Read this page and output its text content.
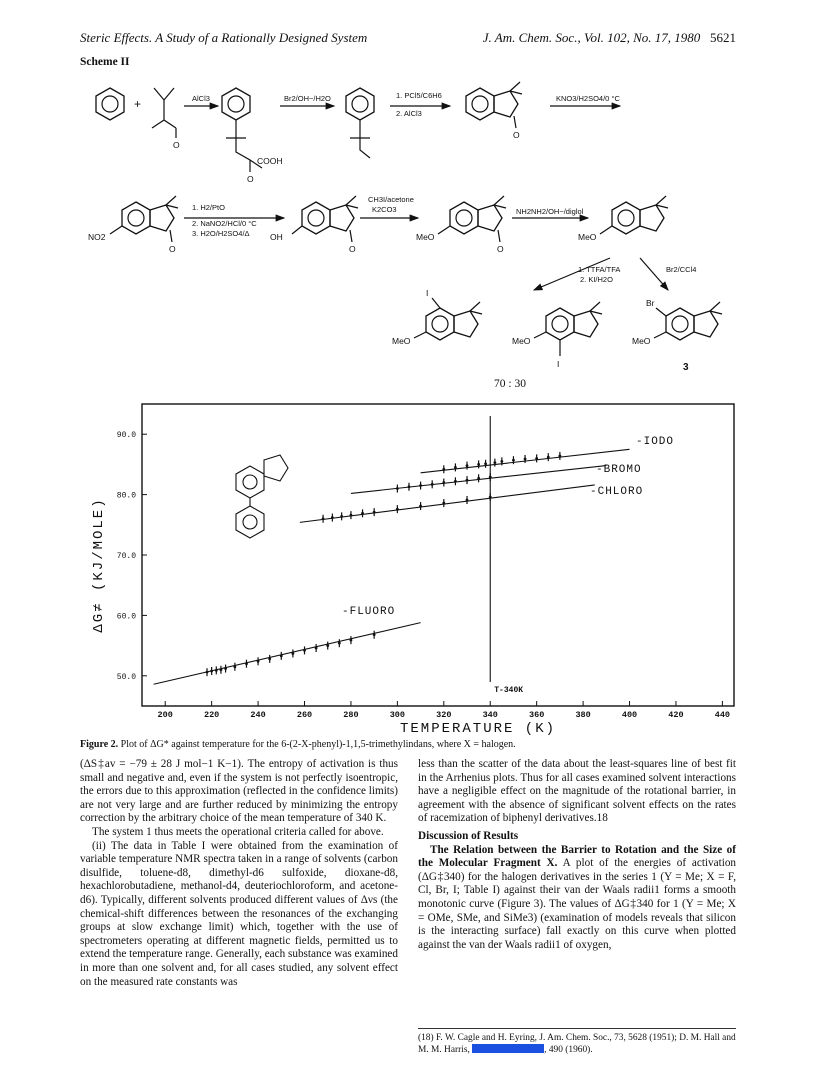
Steric Effects. A Study of a Rationally Designed System	J. Am. Chem. Soc., Vol. 102, No. 17, 1980 5621
Scheme II
+	AlCl3	Br2/OH−/H2O	1. PCl5/C6H6
2. AlCl3
KNO3/H2SO4/0 °C
1. H2/PtO
2. NaNO2/HCl/0 °C
3. H2O/H2SO4/Δ
CH3I/acetone
K2CO3	NH2NH2/OH−/diglol
1. TTFA/TFA
2. KI/H2O
Br2/CCl4
COOH
NO2	OH	MeO	MeO
MeO	MeO	MeO
I
I
Br
O
O
O
O	O	O
3
70 : 30
200	220	240	260	280	300	320	340	360	380	400	420	440
90.0
80.0
70.0
60.0
50.0
T-340K
-IODO
-BROMO
-CHLORO
-FLUORO
TEMPERATURE (K)
ΔG≠ (KJ/MOLE)
Figure 2. Plot of ΔG* against temperature for the 6-(2-X-phenyl)-1,1,5-trimethylindans, where X = halogen.

(ΔS‡av = −79 ± 28 J mol−1 K−1). The entropy of activation is thus small and negative and, even if the system is not perfectly isoentropic, the errors due to this approximation (reflected in the confidence limits) are not very large and are further reduced by minimizing the entropy correction by the arbitrary choice of the mean temperature of 340 K.

The system 1 thus meets the operational criteria called for above.

(ii) The data in Table I were obtained from the examination of variable temperature NMR spectra taken in a range of solvents (carbon disulfide, toluene-d8, dimethyl-d6 sulfoxide, dioxane-d8, hexachlorobutadiene, methanol-d4, deuteriochloroform, and acetone-d6). Typically, different solvents produced different values of Δνs (the chemical-shift differences between the resonances of the exchanging groups at slow exchange limit) which, together with the use of spectrometers operating at different magnetic fields, permitted us to extend the temperature range. Generally, each substance was examined in more than one solvent and, for all cases studied, any solvent effect on the measured rate constants was

less than the scatter of the data about the least-squares line of best fit in the Arrhenius plots. Thus for all cases examined solvent interactions have a negligible effect on the magnitude of the rotational barrier, in agreement with the absence of significant solvent effects on the rates of racemization of biphenyl derivatives.18

Discussion of Results

The Relation between the Barrier to Rotation and the Size of the Molecular Fragment X. A plot of the energies of activation (ΔG‡340) for the halogen derivatives in the series 1 (Y = Me; X = F, Cl, Br, I; Table I) against their van der Waals radii1 forms a smooth monotonic curve (Figure 3). The values of ΔG‡340 for 1 (Y = Me; X = OMe, SMe, and SiMe3) (examination of models reveals that silicon is the interacting surface) fall exactly on this curve when plotted against the van der Waals radii1 of oxygen,

(18) F. W. Cagle and H. Eyring, J. Am. Chem. Soc., 73, 5628 (1951); D. M. Hall and M. M. Harris,	, 490 (1960).
